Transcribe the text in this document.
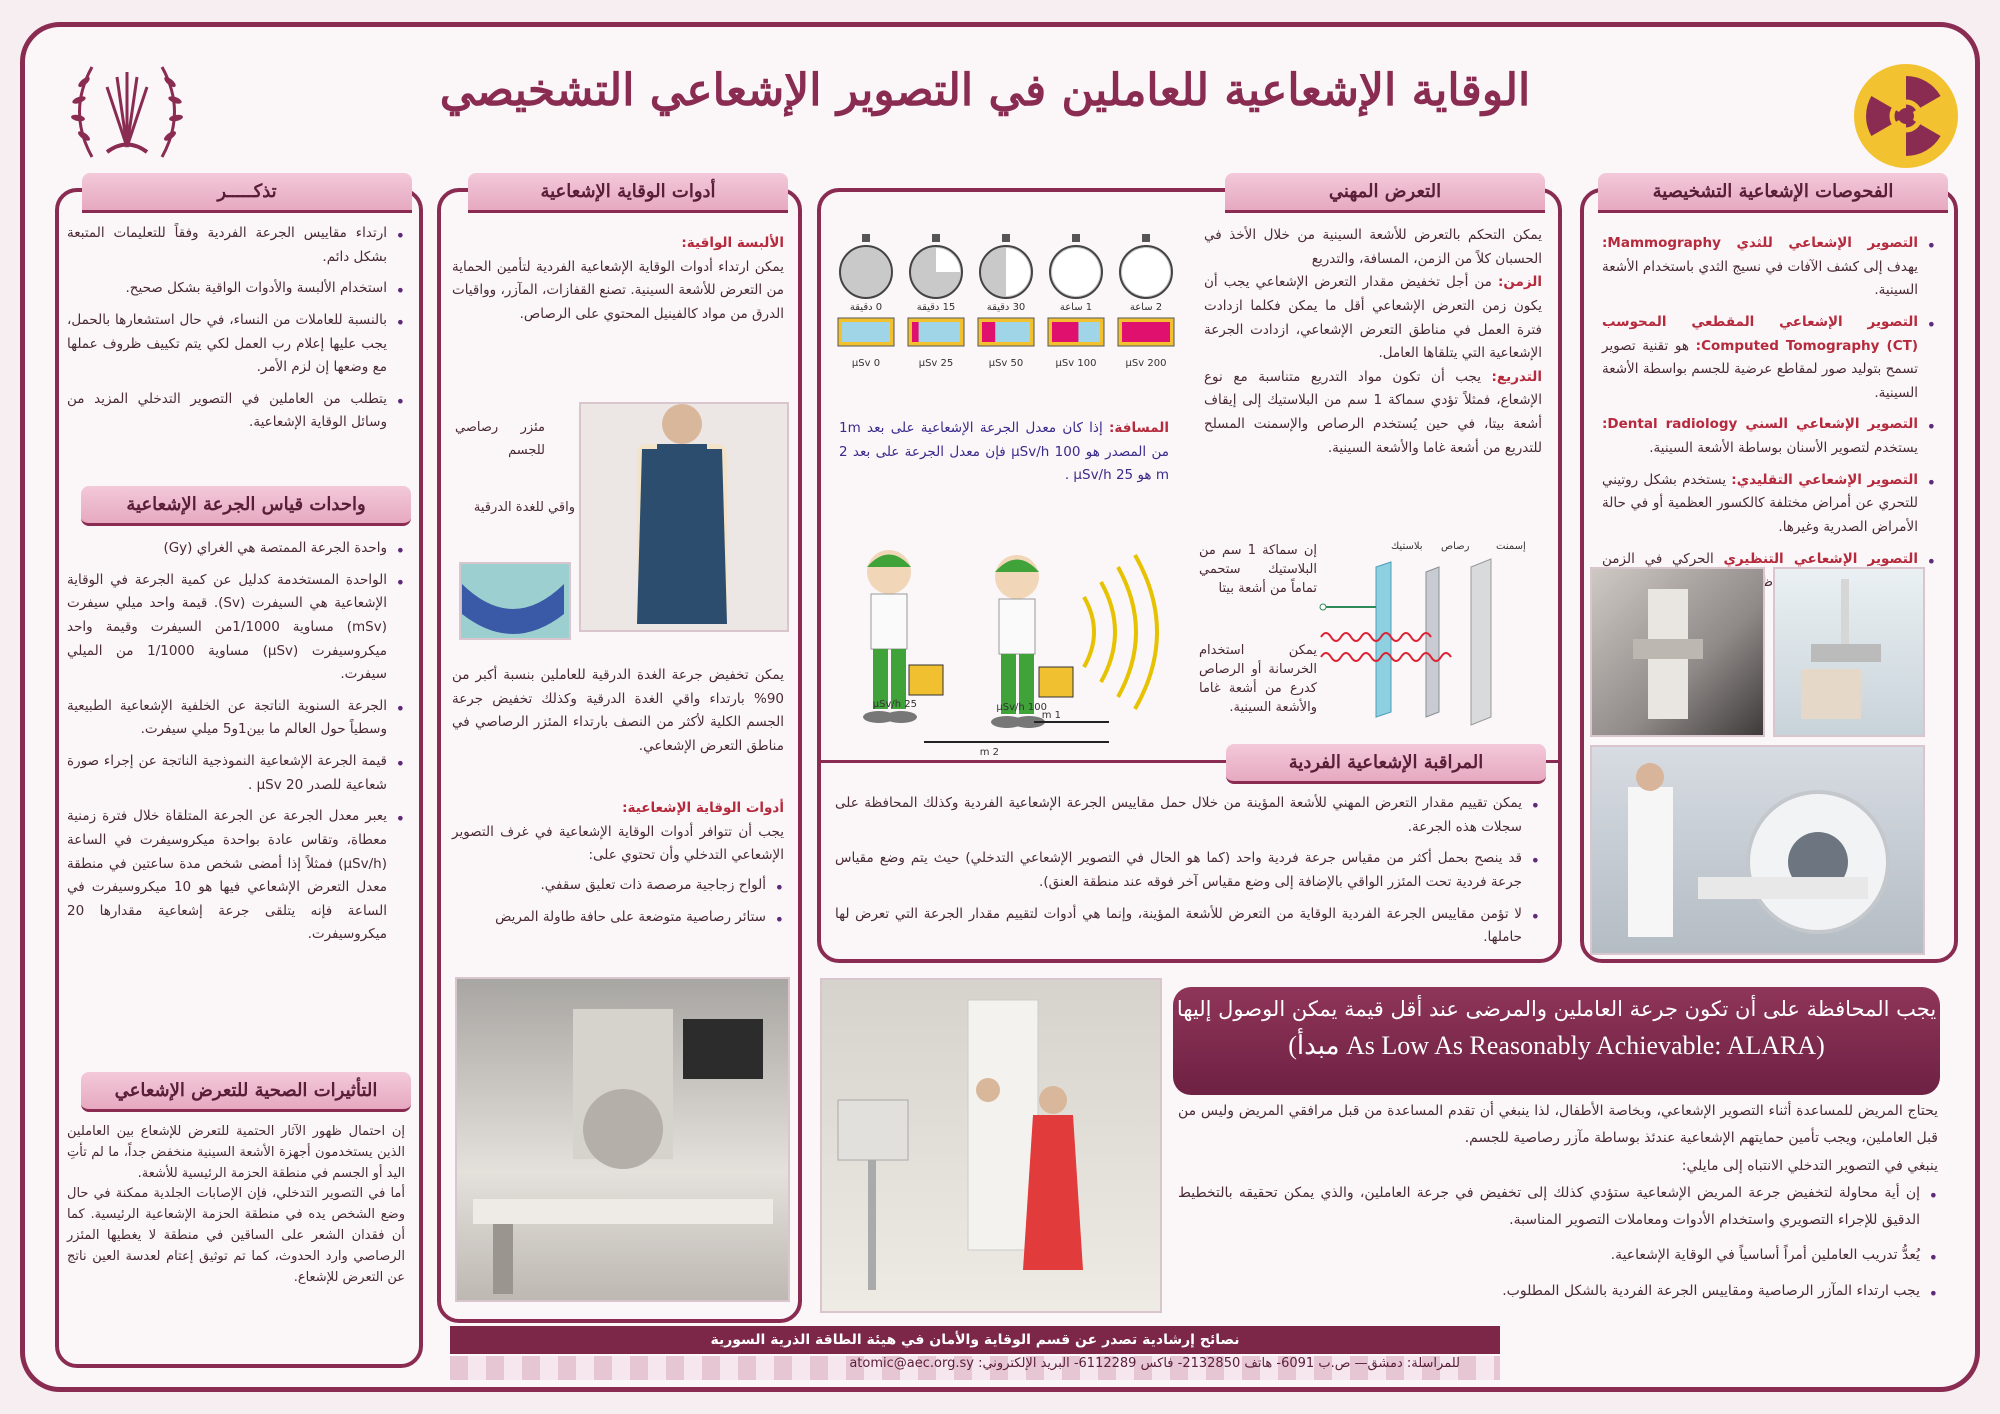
الوقاية الإشعاعية للعاملين في التصوير الإشعاعي التشخيصي
الفحوصات الإشعاعية التشخيصية
• التصوير الإشعاعي للثدي Mammography: يهدف إلى كشف الآفات في نسيج الثدي باستخدام الأشعة السينية.
• التصوير الإشعاعي المقطعي المحوسب Computed Tomography (CT): هو تقنية تصوير تسمح بتوليد صور لمقاطع عرضية للجسم بواسطة الأشعة السينية.
• التصوير الإشعاعي السني Dental radiology: يستخدم لتصوير الأسنان بوساطة الأشعة السينية.
• التصوير الإشعاعي التقليدي: يستخدم بشكل روتيني للتحري عن أمراض مختلفة كالكسور العظمية أو في حالة الأمراض الصدرية وغيرها.
• التصوير الإشعاعي التنظيري الحركي في الزمن ناظم
التعرض المهني
يمكن التحكم بالتعرض للأشعة السينية من خلال الأخذ في الحسبان كلاً من الزمن، المسافة، والتدريع
الزمن: من أجل تخفيض مقدار التعرض الإشعاعي يجب أن يكون زمن التعرض الإشعاعي أقل ما يمكن فكلما ازدادت فترة العمل في مناطق التعرض الإشعاعي، ازدادت الجرعة الإشعاعية التي يتلقاها العامل.
التدريع: يجب أن تكون مواد التدريع متناسبة مع نوع الإشعاع، فمثلاً تؤدي سماكة 1 سم من البلاستيك إلى إيقاف أشعة بيتا، في حين يُستخدم الرصاص والإسمنت المسلح للتدريع من أشعة غاما والأشعة السينية.
المسافة: إذا كان معدل الجرعة الإشعاعية على بعد 1m من المصدر هو 100 µSv/h فإن معدل الجرعة على بعد 2 m هو 25 µSv/h .
0 دقيقة
0 µSv
15 دقيقة
25 µSv
30 دقيقة
50 µSv
1 ساعة
100 µSv
2 ساعة
200 µSv
100 µSv/h
25 µSv/h
1 m
2 m
إسمنت
رصاص
بلاستيك
إن سماكة 1 سم من البلاستيك ستحمي تماماً من أشعة بيتا
يمكن استخدام الخرسانة أو الرصاص كدرع من أشعة غاما والأشعة السينية.
المراقبة الإشعاعية الفردية
• يمكن تقييم مقدار التعرض المهني للأشعة المؤينة من خلال حمل مقاييس الجرعة الإشعاعية الفردية وكذلك المحافظة على سجلات هذه الجرعة.
• قد ينصح بحمل أكثر من مقياس جرعة فردية واحد (كما هو الحال في التصوير الإشعاعي التدخلي) حيث يتم وضع مقياس جرعة فردية تحت المئزر الواقي بالإضافة إلى وضع مقياس آخر فوقه عند منطقة العنق).
• لا تؤمن مقاييس الجرعة الفردية الوقاية من التعرض للأشعة المؤينة، وإنما هي أدوات لتقييم مقدار الجرعة التي تعرض لها حاملها.
أدوات الوقاية الإشعاعية
الألبسة الواقية:
يمكن ارتداء أدوات الوقاية الإشعاعية الفردية لتأمين الحماية من التعرض للأشعة السينية. تصنع القفازات، المآزر، وواقيات الدرق من مواد كالفينيل المحتوي على الرصاص.
مئزر رصاصي للجسم
واقي للغدة الدرقية
يمكن تخفيض جرعة الغدة الدرقية للعاملين بنسبة أكبر من 90% بارتداء واقي الغدة الدرقية وكذلك تخفيض جرعة الجسم الكلية لأكثر من النصف بارتداء المئزر الرصاصي في مناطق التعرض الإشعاعي.
أدوات الوقاية الإشعاعية:
يجب أن تتوافر أدوات الوقاية الإشعاعية في غرف التصوير الإشعاعي التدخلي وأن تحتوي على:
• ألواح زجاجية مرصصة ذات تعليق سقفي.
• ستائر رصاصية متوضعة على حافة طاولة المريض
تذكـــــر
• ارتداء مقاييس الجرعة الفردية وفقاً للتعليمات المتبعة بشكل دائم.
• استخدام الألبسة والأدوات الواقية بشكل صحيح.
• بالنسبة للعاملات من النساء، في حال استشعارها بالحمل، يجب عليها إعلام رب العمل لكي يتم تكييف ظروف عملها مع وضعها إن لزم الأمر.
• يتطلب من العاملين في التصوير التدخلي المزيد من وسائل الوقاية الإشعاعية.
واحدات قياس الجرعة الإشعاعية
• واحدة الجرعة الممتصة هي الغراي (Gy)
• الواحدة المستخدمة كدليل عن كمية الجرعة في الوقاية الإشعاعية هي السيفرت (Sv). قيمة واحد ميلي سيفرت (mSv) مساوية 1/1000من السيفرت وقيمة واحد ميكروسيفرت (µSv) مساوية 1/1000 من الميلي سيفرت.
• الجرعة السنوية الناتجة عن الخلفية الإشعاعية الطبيعية وسطياً حول العالم ما بين1و5 ميلي سيفرت.
• قيمة الجرعة الإشعاعية النموذجية الناتجة عن إجراء صورة شعاعية للصدر 20 µSv .
• يعبر معدل الجرعة عن الجرعة المتلقاة خلال فترة زمنية معطاة، وتقاس عادة بواحدة ميكروسيفرت في الساعة (µSv/h) فمثلاً إذا أمضى شخص مدة ساعتين في منطقة معدل التعرض الإشعاعي فيها هو 10 ميكروسيفرت في الساعة فإنه يتلقى جرعة إشعاعية مقدارها 20 ميكروسيفرت.
التأثيرات الصحية للتعرض الإشعاعي

إن احتمال ظهور الآثار الحتمية للتعرض للإشعاع بين العاملين الذين يستخدمون أجهزة الأشعة السينية منخفض جداً، ما لم تأتِ اليد أو الجسم في منطقة الحزمة الرئيسية للأشعة.

أما في التصوير التدخلي، فإن الإصابات الجلدية ممكنة في حال وضع الشخص يده في منطقة الحزمة الإشعاعية الرئيسية. كما أن فقدان الشعر على الساقين في منطقة لا يغطيها المئزر الرصاصي وارد الحدوث، كما تم توثيق إعتام لعدسة العين ناتج عن التعرض للإشعاع.

يجب المحافظة على أن تكون جرعة العاملين والمرضى عند أقل قيمة يمكن الوصول إليها
(As Low As Reasonably Achievable: ALARA مبدأ)

يحتاج المريض للمساعدة أثناء التصوير الإشعاعي، وبخاصة الأطفال، لذا ينبغي أن تقدم المساعدة من قبل مرافقي المريض وليس من قبل العاملين، ويجب تأمين حمايتهم الإشعاعية عندئذ بوساطة مآزر رصاصية للجسم.

ينبغي في التصوير التدخلي الانتباه إلى مايلي:

• إن أية محاولة لتخفيض جرعة المريض الإشعاعية ستؤدي كذلك إلى تخفيض في جرعة العاملين، والذي يمكن تحقيقه بالتخطيط الدقيق للإجراء التصويري واستخدام الأدوات ومعاملات التصوير المناسبة.
• يُعدُّ تدريب العاملين أمراً أساسياً في الوقاية الإشعاعية.
• يجب ارتداء المآزر الرصاصية ومقاييس الجرعة الفردية بالشكل المطلوب.
نصائح إرشادية تصدر عن قسم الوقاية والأمان في هيئة الطاقة الذرية السورية
للمراسلة: دمشق— ص.ب 6091- هاتف 2132850- فاكس 6112289- البريد الإلكتروني: atomic@aec.org.sy
